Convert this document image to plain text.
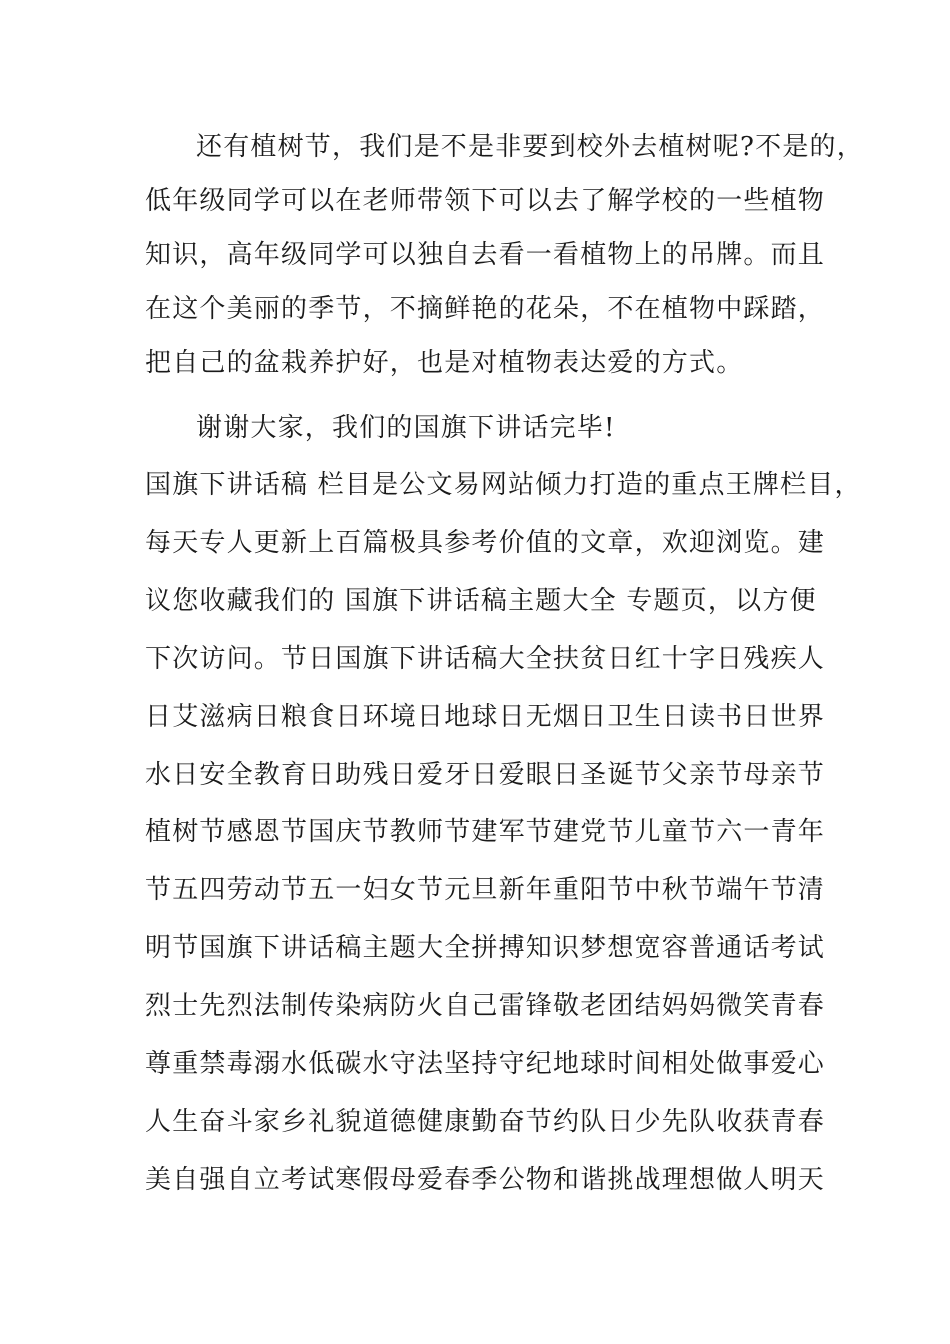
还有植树节，我们是不是非要到校外去植树呢?不是的，

低年级同学可以在老师带领下可以去了解学校的一些植物

知识，高年级同学可以独自去看一看植物上的吊牌。而且

在这个美丽的季节，不摘鲜艳的花朵，不在植物中踩踏，

把自己的盆栽养护好，也是对植物表达爱的方式。

谢谢大家，我们的国旗下讲话完毕!

国旗下讲话稿 栏目是公文易网站倾力打造的重点王牌栏目，

每天专人更新上百篇极具参考价值的文章，欢迎浏览。建

议您收藏我们的 国旗下讲话稿主题大全 专题页，以方便

下次访问。节日国旗下讲话稿大全扶贫日红十字日残疾人

日艾滋病日粮食日环境日地球日无烟日卫生日读书日世界

水日安全教育日助残日爱牙日爱眼日圣诞节父亲节母亲节

植树节感恩节国庆节教师节建军节建党节儿童节六一青年

节五四劳动节五一妇女节元旦新年重阳节中秋节端午节清

明节国旗下讲话稿主题大全拼搏知识梦想宽容普通话考试

烈士先烈法制传染病防火自己雷锋敬老团结妈妈微笑青春

尊重禁毒溺水低碳水守法坚持守纪地球时间相处做事爱心

人生奋斗家乡礼貌道德健康勤奋节约队日少先队收获青春

美自强自立考试寒假母爱春季公物和谐挑战理想做人明天
